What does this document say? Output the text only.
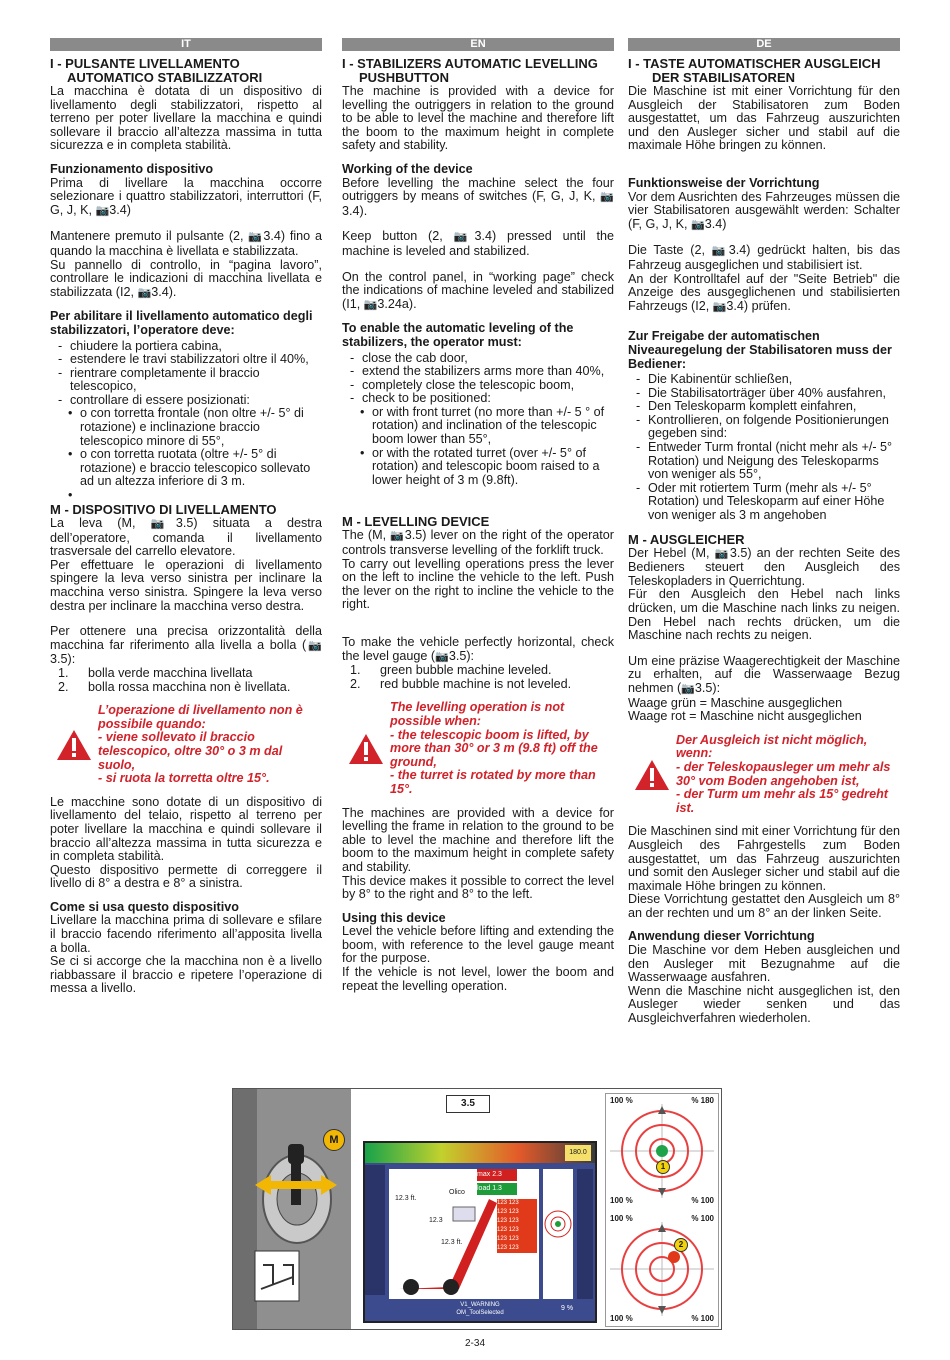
IT
I - PULSANTE LIVELLAMENTO
AUTOMATICO STABILIZZATORI

La macchina è dotata di un dispositivo di livellamento degli stabilizzatori, rispetto al terreno per poter livellare la macchina e quindi sollevare il braccio all’altezza massima in tutta sicurezza e in completa stabilità.

Funzionamento dispositivo

Prima di livellare la macchina occorre selezionare i quattro stabilizzatori, interruttori (F, G, J, K, 📷3.4)

Mantenere premuto il pulsante (2, 📷3.4) fino a quando la macchina è livellata e stabilizzata.

Su pannello di controllo, in “pagina lavoro”, controllare le indicazioni di macchina livellata e stabilizzata (I2, 📷3.4).

Per abilitare il livellamento automatico degli stabilizzatori, l’operatore deve:
- chiudere la portiera cabina,
- estendere le travi stabilizzatori oltre il 40%,
- rientrare completamente il braccio telescopico,
- controllare di essere posizionati:
• o con torretta frontale (non oltre +/- 5° di rotazione) e inclinazione braccio telescopico minore di 55°,
• o con torretta ruotata (oltre +/- 5° di rotazione) e braccio telescopico sollevato ad un altezza inferiore di 3 m.
M - DISPOSITIVO DI LIVELLAMENTO

La leva (M, 📷3.5) situata a destra dell’operatore, comanda il livellamento trasversale del carrello elevatore.

Per effettuare le operazioni di livellamento spingere la leva verso sinistra per inclinare la macchina verso sinistra. Spingere la leva verso destra per inclinare la macchina verso destra.

Per ottenere una precisa orizzontalità della macchina far riferimento alla livella a bolla (📷3.5):

1.	bolla verde macchina livellata
2.	bolla rossa macchina non è livellata.
L’operazione di livellamento non è possibile quando:
- viene sollevato il braccio telescopico, oltre 30° o 3 m dal suolo,
- si ruota la torretta oltre 15°.

Le macchine sono dotate di un dispositivo di livellamento del telaio, rispetto al terreno per poter livellare la macchina e quindi sollevare il braccio all’altezza massima in tutta sicurezza e in completa stabilità.

Questo dispositivo permette di correggere il livello di 8° a destra e 8° a sinistra.

Come si usa questo dispositivo

Livellare la macchina prima di sollevare e sfilare il braccio facendo riferimento all’apposita livella a bolla.

Se ci si accorge che la macchina non è a livello riabbassare il braccio e ripetere l’operazione di messa a livello.

EN
I - STABILIZERS AUTOMATIC LEVELLING
PUSHBUTTON

The machine is provided with a device for levelling the outriggers in relation to the ground to be able to level the machine and therefore lift the boom to the maximum height in complete safety and stability.

Working of the device

Before levelling the machine select the four outriggers by means of switches (F, G, J, K, 📷3.4).

Keep button (2, 📷3.4) pressed until the machine is leveled and stabilized.

On the control panel, in “working page” check the indications of machine leveled and stabilized (I1, 📷3.24a).

To enable the automatic leveling of the stabilizers, the operator must:
- close the cab door,
- extend the stabilizers arms more than 40%,
- completely close the telescopic boom,
- check to be positioned:
• or with front turret (no more than +/- 5 ° of rotation) and inclination of the telescopic boom lower than 55°,
• or with the rotated turret (over +/- 5° of rotation) and telescopic boom raised to a lower height of 3 m (9.8ft).
M - LEVELLING DEVICE

The (M, 📷3.5) lever on the right of the operator controls transverse levelling of the forklift truck.

To carry out levelling operations press the lever on the left to incline the vehicle to the left. Push the lever on the right to incline the vehicle to the right.

To make the vehicle perfectly horizontal, check the level gauge (📷3.5):

1.	green bubble machine leveled.
2.	red bubble machine is not leveled.
The levelling operation is not possible when:
- the telescopic boom is lifted, by more than 30° or 3 m (9.8 ft) off the ground,
- the turret is rotated by more than 15°.

The machines are provided with a device for levelling the frame in relation to the ground to be able to level the machine and therefore lift the boom to the maximum height in complete safety and stability.

This device makes it possible to correct the level by 8° to the right and 8° to the left.

Using this device

Level the vehicle before lifting and extending the boom, with reference to the level gauge meant for the purpose.

If the vehicle is not level, lower the boom and repeat the levelling operation.

DE
I - TASTE AUTOMATISCHER AUSGLEICH
DER STABILISATOREN

Die Maschine ist mit einer Vorrichtung für den Ausgleich der Stabilisatoren zum Boden ausgestattet, um das Fahrzeug auszurichten und den Ausleger sicher und stabil auf die maximale Höhe bringen zu können.

Funktionsweise der Vorrichtung

Vor dem Ausrichten des Fahrzeuges müssen die vier Stabilisatoren ausgewählt werden: Schalter (F, G, J, K, 📷3.4)

Die Taste (2, 📷3.4) gedrückt halten, bis das Fahrzeug ausgeglichen und stabilisiert ist.

An der Kontrolltafel auf der "Seite Betrieb" die Anzeige des ausgeglichenen und stabilisierten Fahrzeugs (I2, 📷3.4) prüfen.

Zur Freigabe der automatischen Niveauregelung der Stabilisatoren muss der Bediener:
- Die Kabinentür schließen,
- Die Stabilisatorträger über 40% ausfahren,
- Den Teleskoparm komplett einfahren,
- Kontrollieren, on folgende Positionierungen gegeben sind:
- Entweder Turm frontal (nicht mehr als +/- 5° Rotation) und Neigung des Teleskoparms von weniger als 55°,
- Oder mit rotiertem Turm (mehr als +/- 5° Rotation) und Teleskoparm auf einer Höhe von weniger als 3 m angehoben
M - AUSGLEICHER

Der Hebel (M, 📷3.5) an der rechten Seite des Bedieners steuert den Ausgleich des Teleskopladers in Querrichtung.

Für den Ausgleich den Hebel nach links drücken, um die Maschine nach links zu neigen. Den Hebel nach rechts drücken, um die Maschine nach rechts zu neigen.

Um eine präzise Waagerechtigkeit der Maschine zu erhalten, auf die Wasserwaage Bezug nehmen (📷3.5):

Waage grün = Maschine ausgeglichen

Waage rot = Maschine nicht ausgeglichen

Der Ausgleich ist nicht möglich, wenn:
- der Teleskopausleger um mehr als 30° vom Boden angehoben ist,
- der Turm um mehr als 15° gedreht ist.

Die Maschinen sind mit einer Vorrichtung für den Ausgleich des Fahrgestells zum Boden ausgestattet, um das Fahrzeug auszurichten und somit den Ausleger sicher und stabil auf die maximale Höhe bringen zu können.

Diese Vorrichtung gestattet den Ausgleich um 8° an der rechten und um 8° an der linken Seite.

Anwendung dieser Vorrichtung

Die Maschine vor dem Heben ausgleichen und den Ausleger mit Bezugnahme auf die Wasserwaage ausfahren.

Wenn die Maschine nicht ausgeglichen ist, den Ausleger wieder senken und das Ausgleichverfahren wiederholen.

M
3.5
180.0
12.3 ft.
12.3 ft.
12.3
Olico
max 2.3
load 1.3
123 123
123 123
123 123
123 123
123 123
123 123
V1_WARNING
OM_ToolSelected
9 %
100 %	% 180
100 %	% 100
100 %	% 100
100 %	% 100
1
2
2-34
